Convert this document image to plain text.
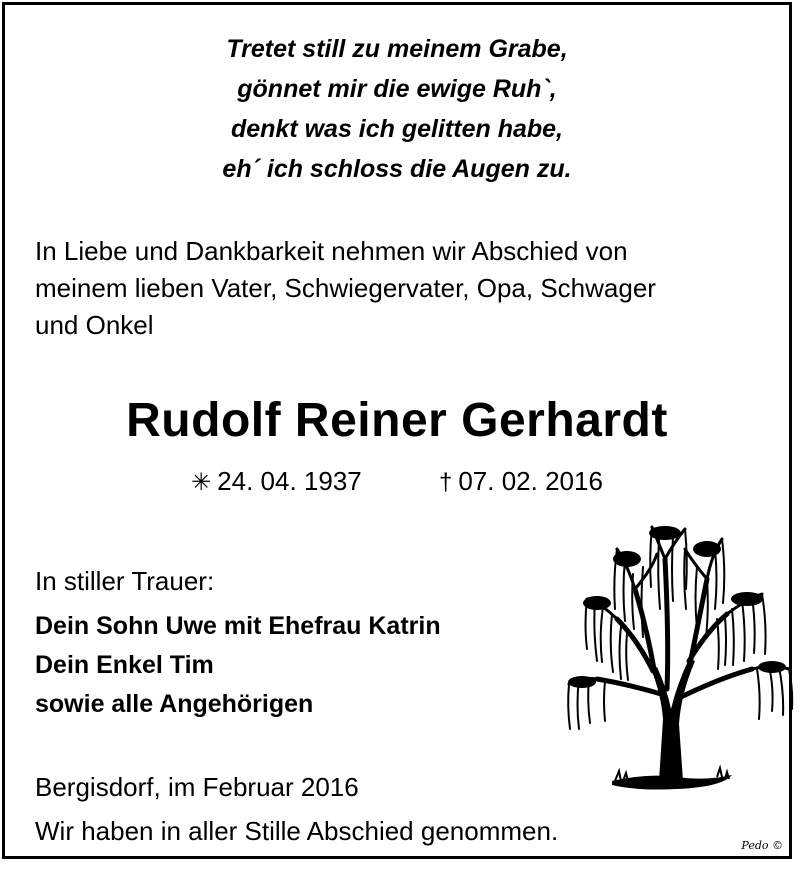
Tretet still zu meinem Grabe,
gönnet mir die ewige Ruh`,
denkt was ich gelitten habe,
eh´ ich schloss die Augen zu.
In Liebe und Dankbarkeit nehmen wir Abschied von
meinem lieben Vater, Schwiegervater, Opa, Schwager
und Onkel
Rudolf Reiner Gerhardt
✳ 24. 04. 1937	† 07. 02. 2016
In stiller Trauer:
Dein Sohn Uwe mit Ehefrau Katrin
Dein Enkel Tim
sowie alle Angehörigen
Bergisdorf, im Februar 2016
Wir haben in aller Stille Abschied genommen.	Pedo ©
